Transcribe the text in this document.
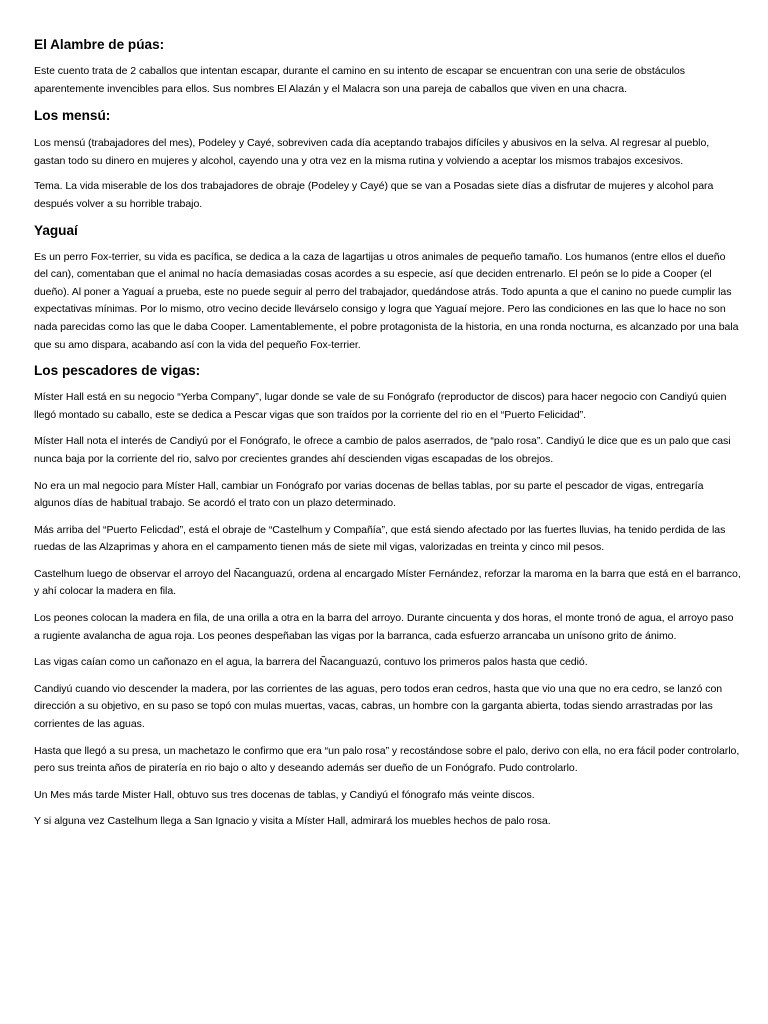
El Alambre de púas:

Este cuento trata de 2 caballos que intentan escapar, durante el camino en su intento de escapar se encuentran con una serie de obstáculos aparentemente invencibles para ellos. Sus nombres El Alazán y el Malacra son una pareja de caballos que viven en una chacra.

Los mensú:

Los mensú (trabajadores del mes), Podeley y Cayé, sobreviven cada día aceptando trabajos difíciles y abusivos en la selva. Al regresar al pueblo, gastan todo su dinero en mujeres y alcohol, cayendo una y otra vez en la misma rutina y volviendo a aceptar los mismos trabajos excesivos.

Tema. La vida miserable de los dos trabajadores de obraje (Podeley y Cayé) que se van a Posadas siete días a disfrutar de mujeres y alcohol para después volver a su horrible trabajo.

Yaguaí

Es un perro Fox-terrier, su vida es pacífica, se dedica a la caza de lagartijas u otros animales de pequeño tamaño. Los humanos (entre ellos el dueño del can), comentaban que el animal no hacía demasiadas cosas acordes a su especie, así que deciden entrenarlo. El peón se lo pide a Cooper (el dueño). Al poner a Yaguaí a prueba, este no puede seguir al perro del trabajador, quedándose atrás. Todo apunta a que el canino no puede cumplir las expectativas mínimas. Por lo mismo, otro vecino decide llevárselo consigo y logra que Yaguaí mejore. Pero las condiciones en las que lo hace no son nada parecidas como las que le daba Cooper. Lamentablemente, el pobre protagonista de la historia, en una ronda nocturna, es alcanzado por una bala que su amo dispara, acabando así con la vida del pequeño Fox-terrier.

Los pescadores de vigas:

Míster Hall está en su negocio “Yerba Company”, lugar donde se vale de su Fonógrafo (reproductor de discos) para hacer negocio con Candiyú quien llegó montado su caballo, este se dedica a Pescar vigas que son traídos por la corriente del rio en el “Puerto Felicidad”.

Míster Hall nota el interés de Candiyú por el Fonógrafo, le ofrece a cambio de palos aserrados, de “palo rosa”. Candiyú le dice que es un palo que casi nunca baja por la corriente del rio, salvo por crecientes grandes ahí descienden vigas escapadas de los obrejos.

No era un mal negocio para Míster Hall, cambiar un Fonógrafo por varias docenas de bellas tablas, por su parte el pescador de vigas, entregaría algunos días de habitual trabajo. Se acordó el trato con un plazo determinado.

Más arriba del “Puerto Felicdad”, está el obraje de “Castelhum y Compañía”, que está siendo afectado por las fuertes lluvias, ha tenido perdida de las ruedas de las Alzaprimas y ahora en el campamento tienen más de siete mil vigas, valorizadas en treinta y cinco mil pesos.

Castelhum luego de observar el arroyo del Ñacanguazú, ordena al encargado Míster Fernández, reforzar la maroma en la barra que está en el barranco, y ahí colocar la madera en fila.

Los peones colocan la madera en fila, de una orilla a otra en la barra del arroyo. Durante cincuenta y dos horas, el monte tronó de agua, el arroyo paso a rugiente avalancha de agua roja. Los peones despeñaban las vigas por la barranca, cada esfuerzo arrancaba un unísono grito de ánimo.

Las vigas caían como un cañonazo en el agua, la barrera del Ñacanguazú, contuvo los primeros palos hasta que cedió.

Candiyú cuando vio descender la madera, por las corrientes de las aguas, pero todos eran cedros, hasta que vio una que no era cedro, se lanzó con dirección a su objetivo, en su paso se topó con mulas muertas, vacas, cabras, un hombre con la garganta abierta, todas siendo arrastradas por las corrientes de las aguas.

Hasta que llegó a su presa, un machetazo le confirmo que era “un palo rosa” y recostándose sobre el palo, derivo con ella, no era fácil poder controlarlo, pero sus treinta años de piratería en rio bajo o alto y deseando además ser dueño de un Fonógrafo. Pudo controlarlo.

Un Mes más tarde Mister Hall, obtuvo sus tres docenas de tablas, y Candiyú el fónografo más veinte discos.

Y si alguna vez Castelhum llega a San Ignacio y visita a Míster Hall, admirará los muebles hechos de palo rosa.
